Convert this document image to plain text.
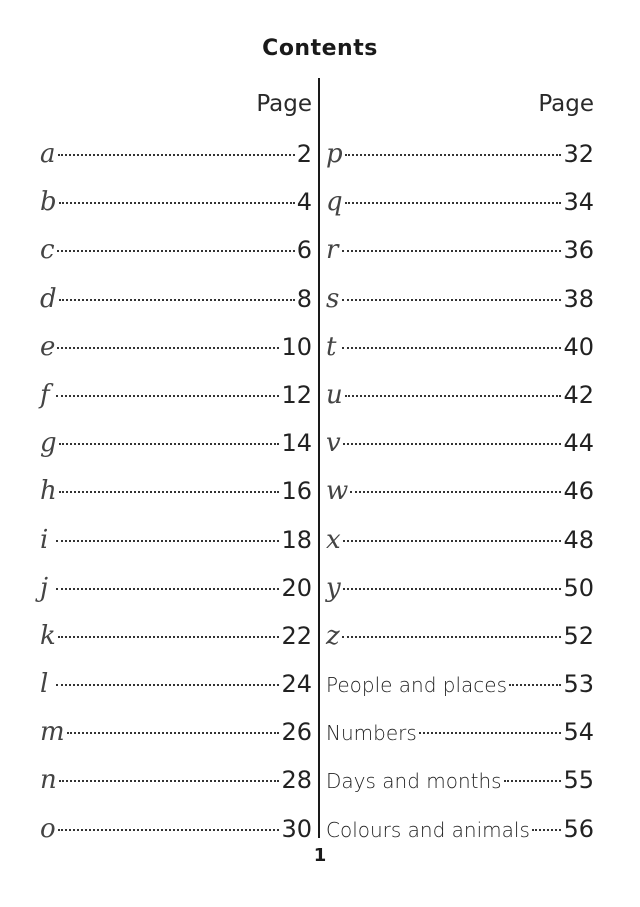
Contents
Page
a	2
b	4
c	6
d	8
e	10
f	12
g	14
h	16
i	18
j	20
k	22
l	24
m	26
n	28
o	30
Page
p	32
q	34
r	36
s	38
t	40
u	42
v	44
w	46
x	48
y	50
z	52
People and places 53
Numbers	54
Days and months	55
Colours and animals 56
1
